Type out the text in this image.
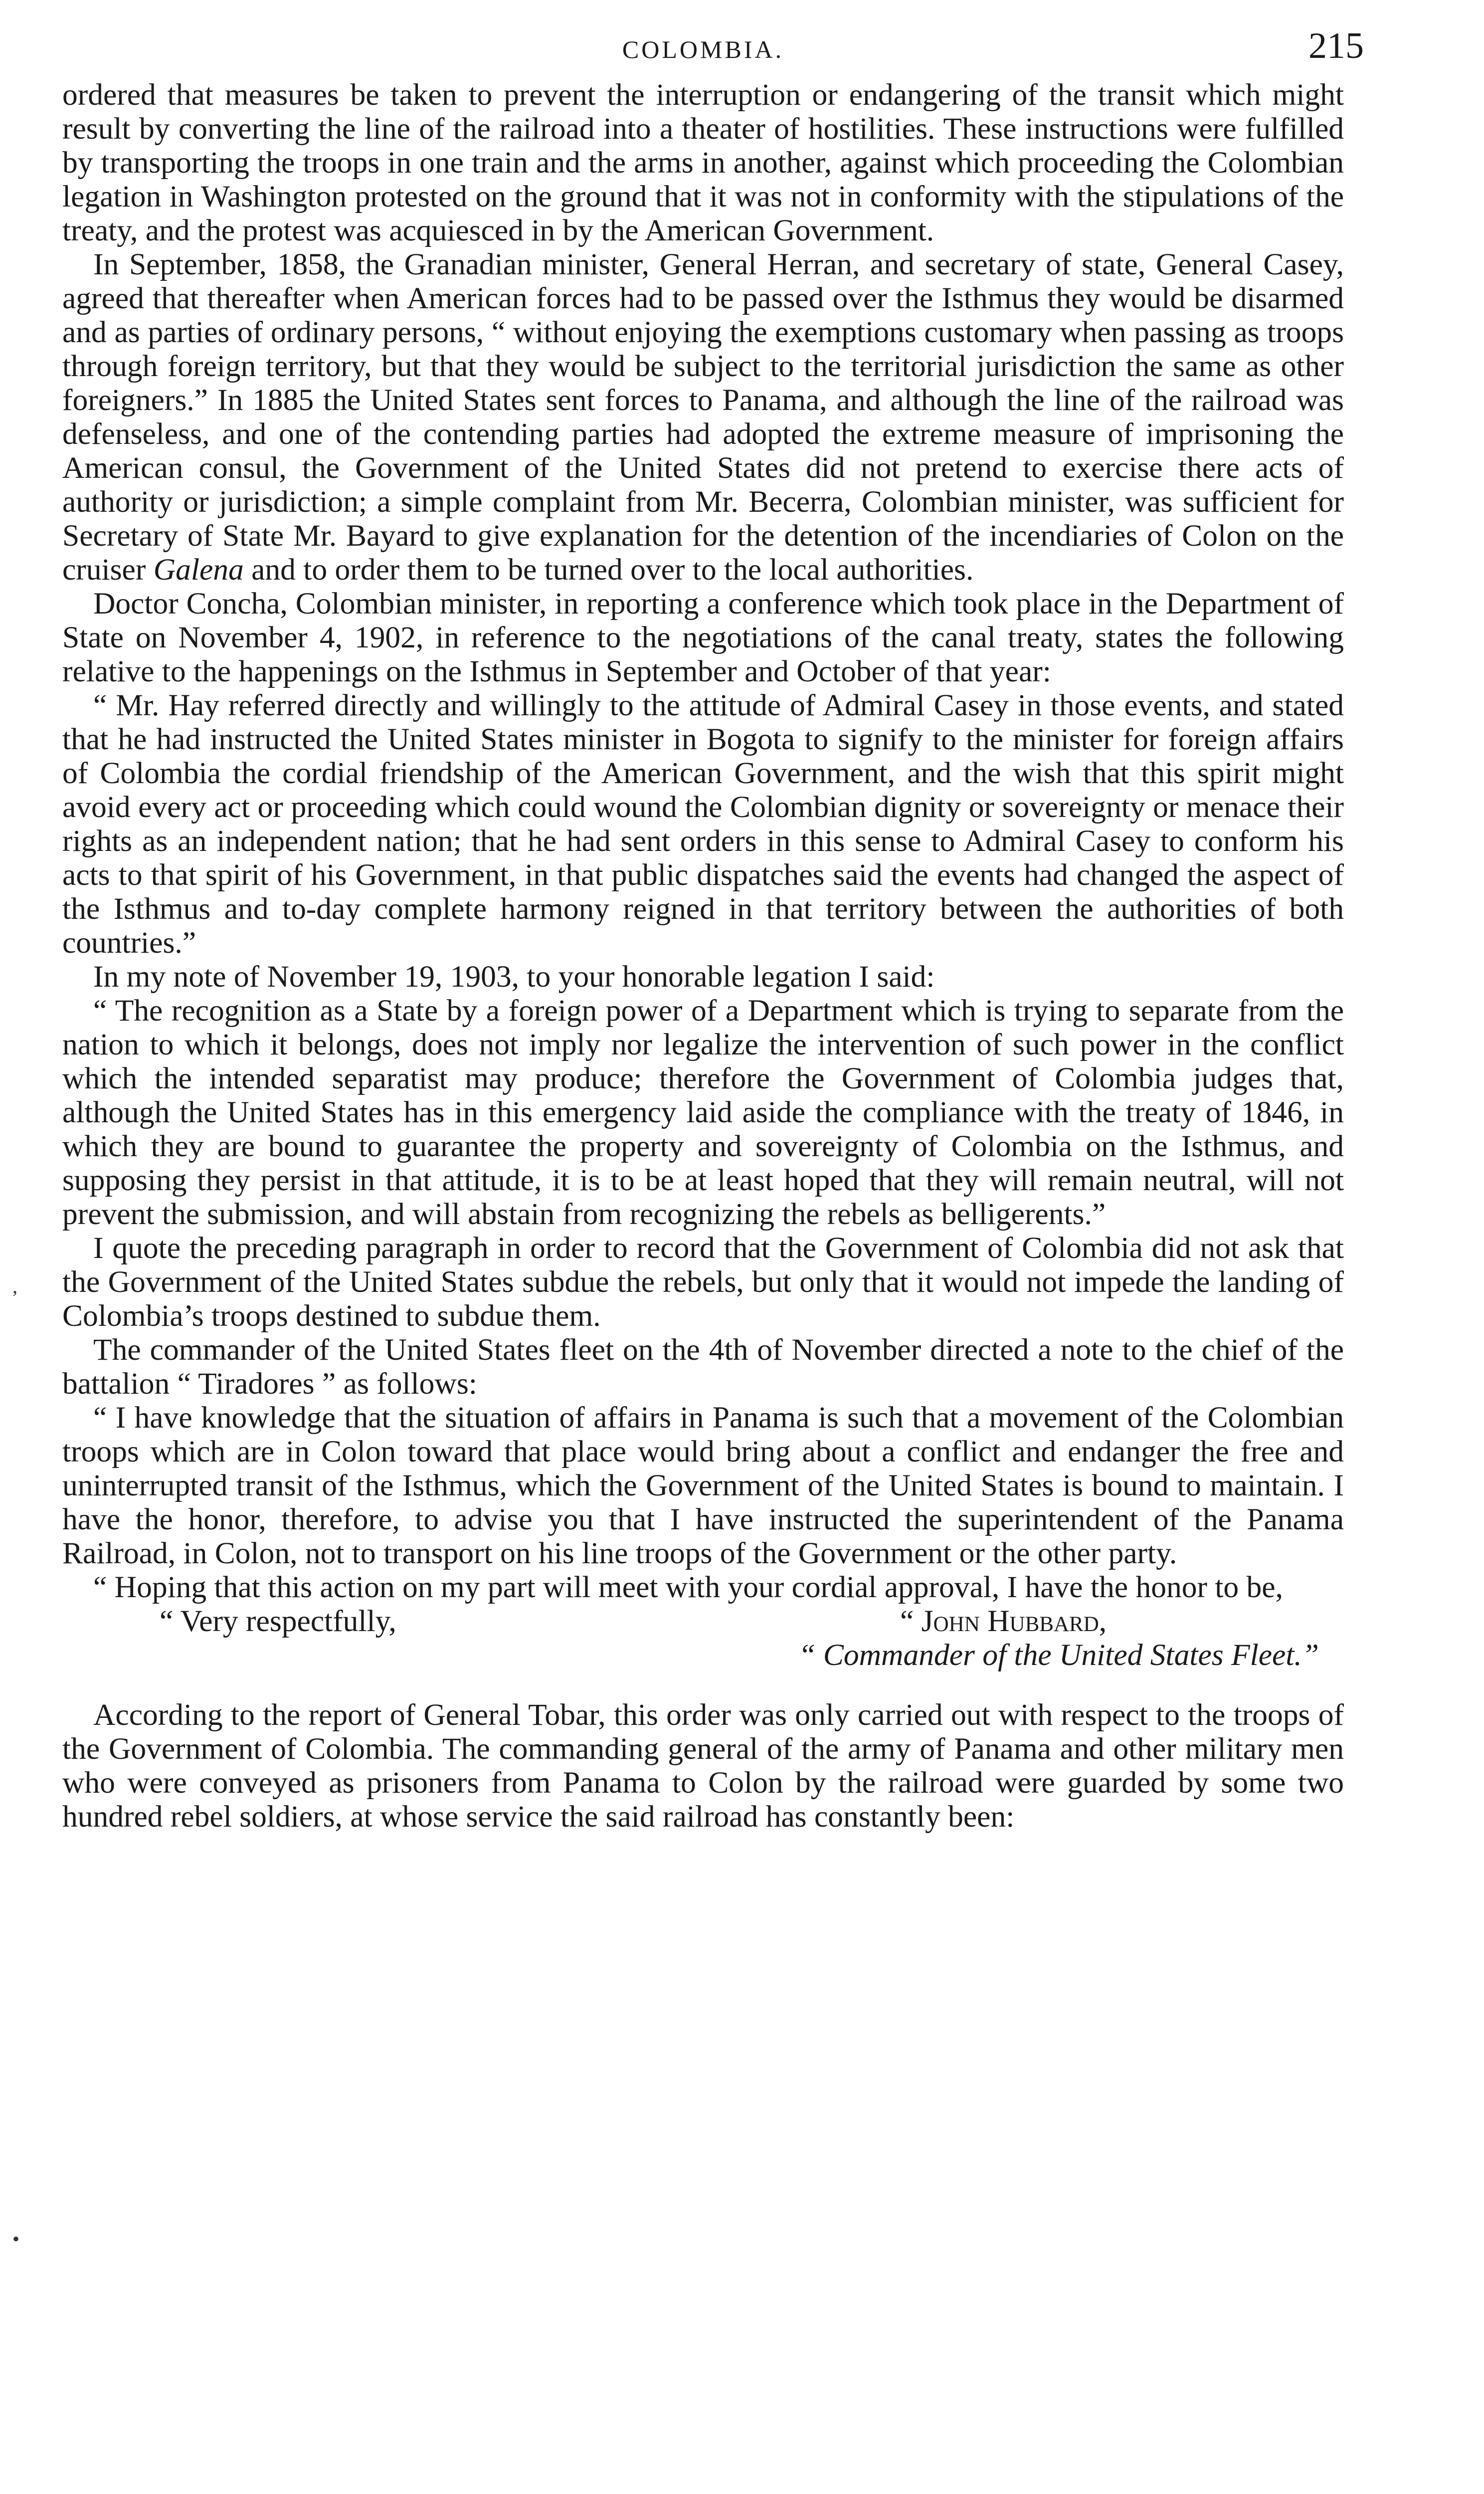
COLOMBIA.	215

ordered that measures be taken to prevent the interruption or endangering of the transit which might result by converting the line of the railroad into a theater of hostilities. These instructions were fulfilled by transporting the troops in one train and the arms in another, against which proceeding the Colombian legation in Washington protested on the ground that it was not in conformity with the stipulations of the treaty, and the protest was acquiesced in by the American Government.

In September, 1858, the Granadian minister, General Herran, and secretary of state, General Casey, agreed that thereafter when American forces had to be passed over the Isthmus they would be disarmed and as parties of ordinary persons, “ without enjoying the exemptions customary when passing as troops through foreign territory, but that they would be subject to the territorial jurisdiction the same as other foreigners.” In 1885 the United States sent forces to Panama, and although the line of the railroad was defenseless, and one of the contending parties had adopted the extreme measure of imprisoning the American consul, the Government of the United States did not pretend to exercise there acts of authority or jurisdiction; a simple complaint from Mr. Becerra, Colombian minister, was sufficient for Secretary of State Mr. Bayard to give explanation for the detention of the incendiaries of Colon on the cruiser Galena and to order them to be turned over to the local authorities.

Doctor Concha, Colombian minister, in reporting a conference which took place in the Department of State on November 4, 1902, in reference to the negotiations of the canal treaty, states the following relative to the happenings on the Isthmus in September and October of that year:

“ Mr. Hay referred directly and willingly to the attitude of Admiral Casey in those events, and stated that he had instructed the United States minister in Bogota to signify to the minister for foreign affairs of Colombia the cordial friendship of the American Government, and the wish that this spirit might avoid every act or proceeding which could wound the Colombian dignity or sovereignty or menace their rights as an independent nation; that he had sent orders in this sense to Admiral Casey to conform his acts to that spirit of his Government, in that public dispatches said the events had changed the aspect of the Isthmus and to-day complete harmony reigned in that territory between the authorities of both countries.”

In my note of November 19, 1903, to your honorable legation I said:

“ The recognition as a State by a foreign power of a Department which is trying to separate from the nation to which it belongs, does not imply nor legalize the intervention of such power in the conflict which the intended separatist may produce; therefore the Government of Colombia judges that, although the United States has in this emergency laid aside the compliance with the treaty of 1846, in which they are bound to guarantee the property and sovereignty of Colombia on the Isthmus, and supposing they persist in that attitude, it is to be at least hoped that they will remain neutral, will not prevent the submission, and will abstain from recognizing the rebels as belligerents.”

I quote the preceding paragraph in order to record that the Government of Colombia did not ask that the Government of the United States subdue the rebels, but only that it would not impede the landing of Colombia’s troops destined to subdue them.

The commander of the United States fleet on the 4th of November directed a note to the chief of the battalion “ Tiradores ” as follows:

“ I have knowledge that the situation of affairs in Panama is such that a movement of the Colombian troops which are in Colon toward that place would bring about a conflict and endanger the free and uninterrupted transit of the Isthmus, which the Government of the United States is bound to maintain. I have the honor, therefore, to advise you that I have instructed the superintendent of the Panama Railroad, in Colon, not to transport on his line troops of the Government or the other party.

“ Hoping that this action on my part will meet with your cordial approval, I have the honor to be,

“ Very respectfully,	“ John Hubbard,
“ Commander of the United States Fleet.”

According to the report of General Tobar, this order was only carried out with respect to the troops of the Government of Colombia. The commanding general of the army of Panama and other military men who were conveyed as prisoners from Panama to Colon by the railroad were guarded by some two hundred rebel soldiers, at whose service the said railroad has constantly been:

,
•
